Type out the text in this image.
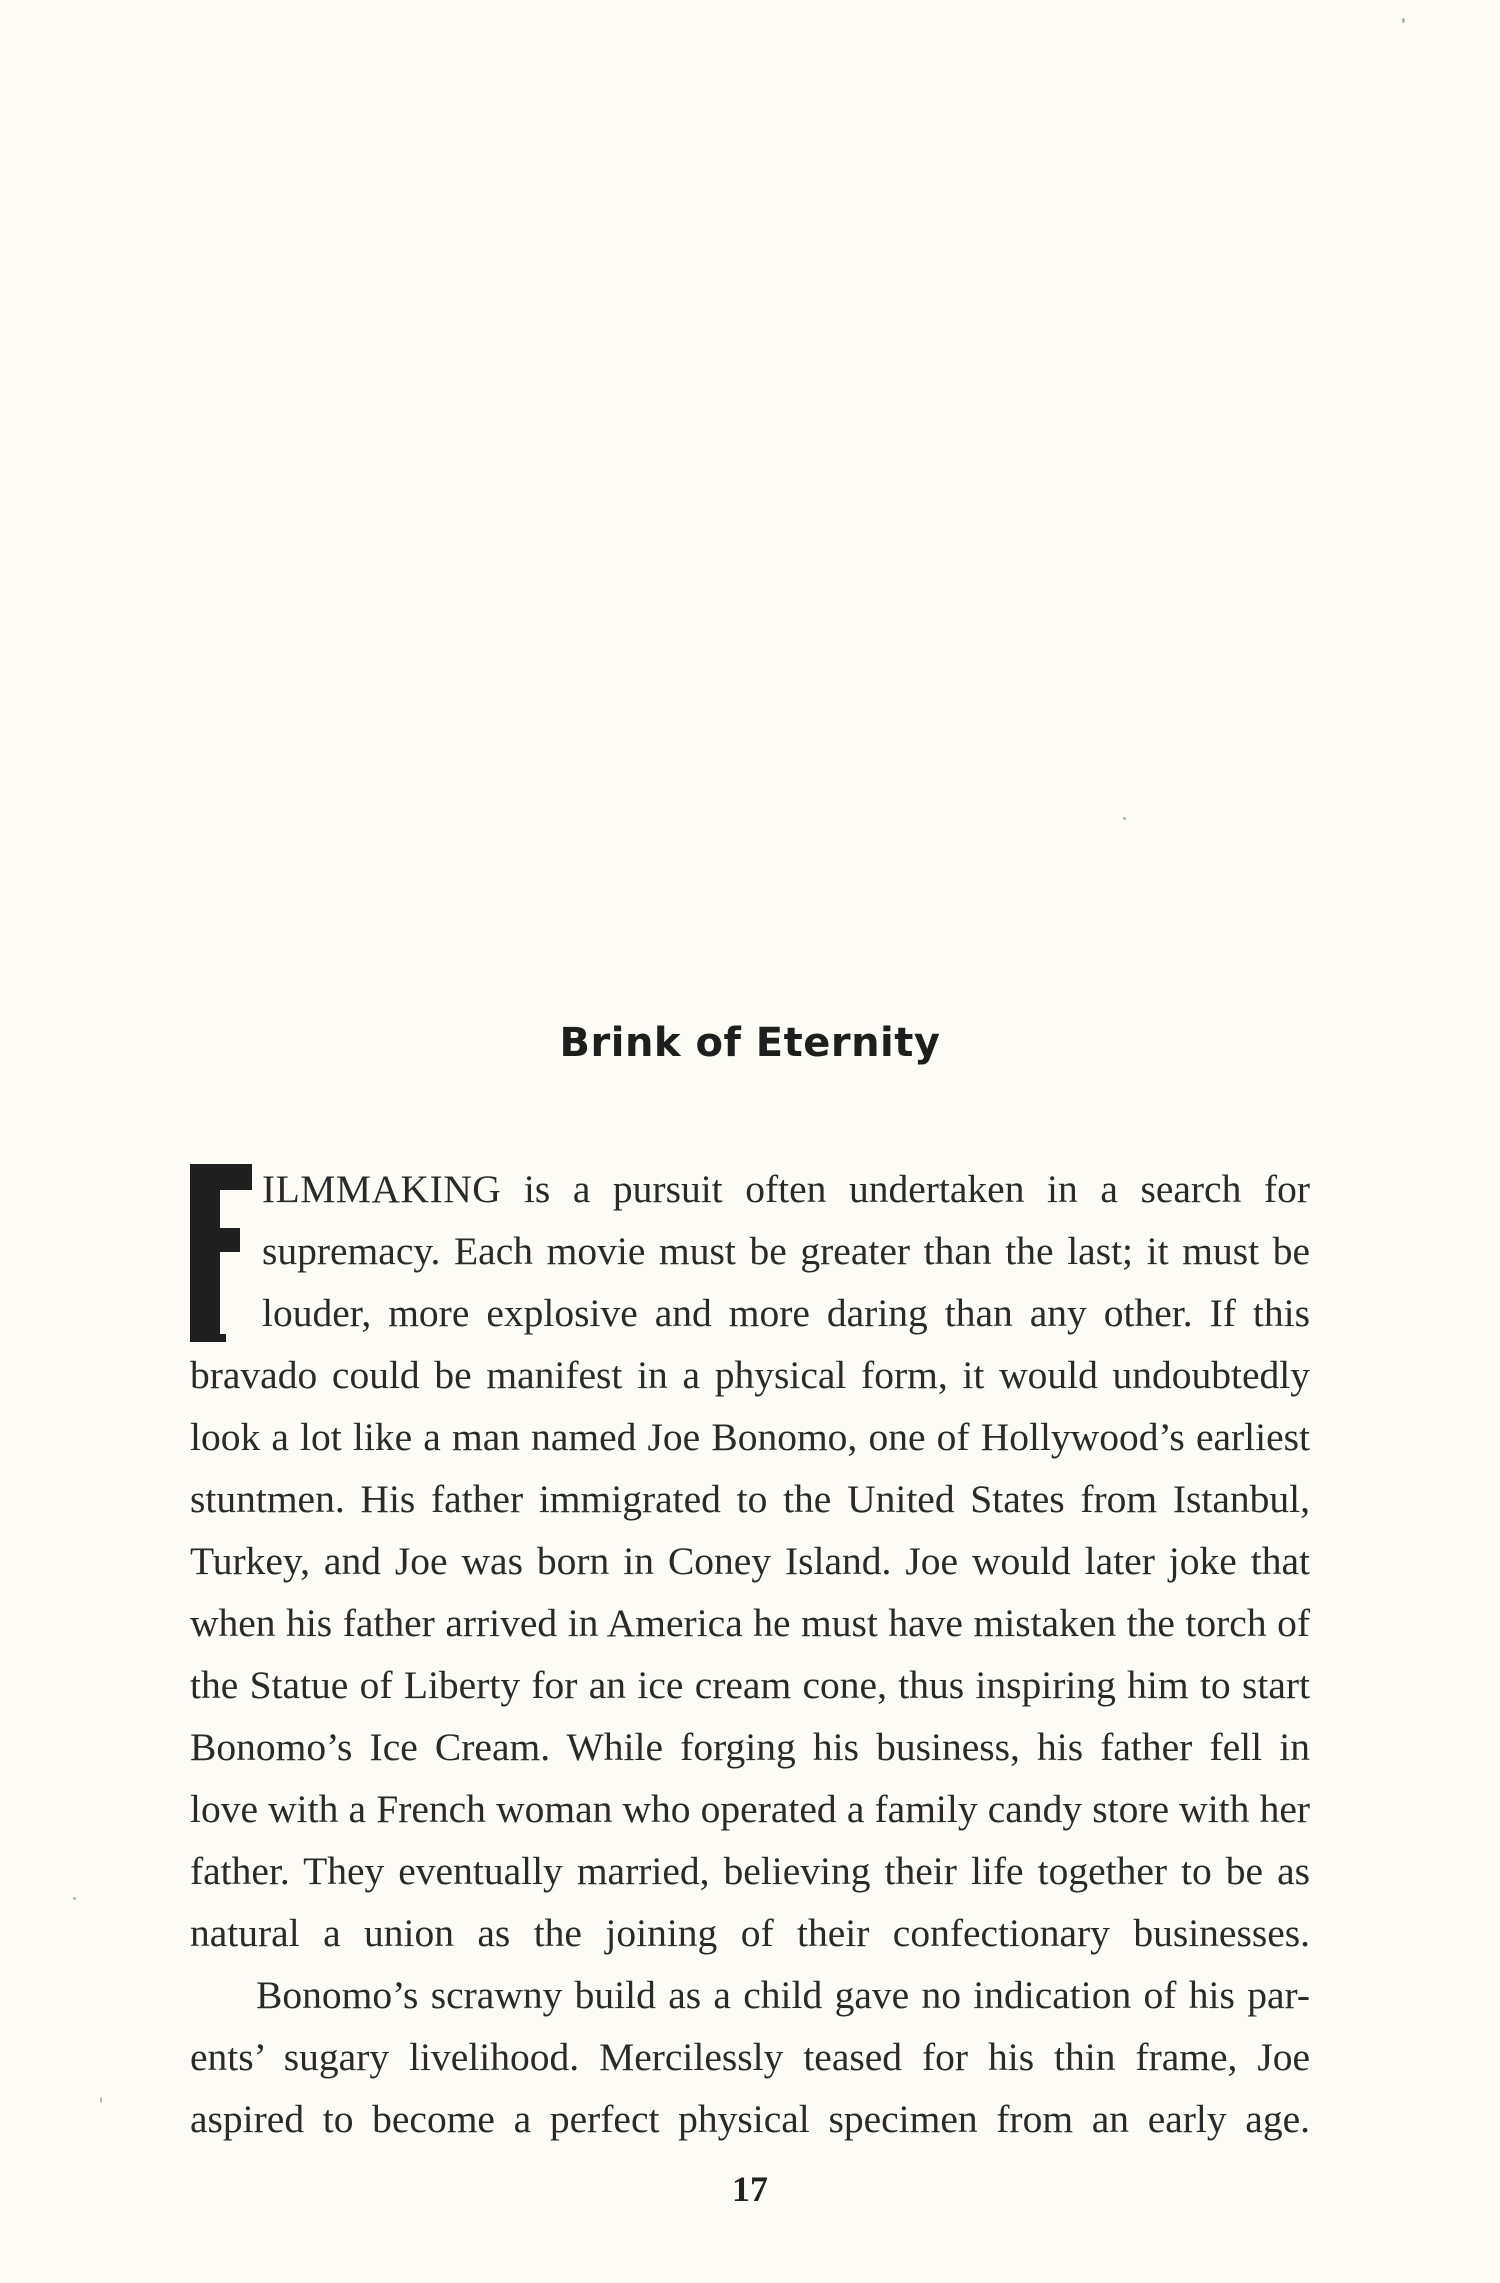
Brink of Eternity

ILMMAKING is a pursuit often undertaken in a search for supremacy. Each movie must be greater than the last; it must be louder, more explosive and more daring than any other. If this bravado could be manifest in a physical form, it would undoubtedly look a lot like a man named Joe Bonomo, one of Hollywood’s earliest stuntmen. His father immigrated to the United States from Istanbul, Turkey, and Joe was born in Coney Island. Joe would later joke that when his father arrived in America he must have mistaken the torch of the Statue of Liberty for an ice cream cone, thus inspiring him to start Bonomo’s Ice Cream. While forging his business, his father fell in love with a French woman who operated a family candy store with her father. They eventually married, believing their life together to be as natural a union as the joining of their confectionary businesses.

Bonomo’s scrawny build as a child gave no indication of his par- ents’ sugary livelihood. Mercilessly teased for his thin frame, Joe aspired to become a perfect physical specimen from an early age.

17
